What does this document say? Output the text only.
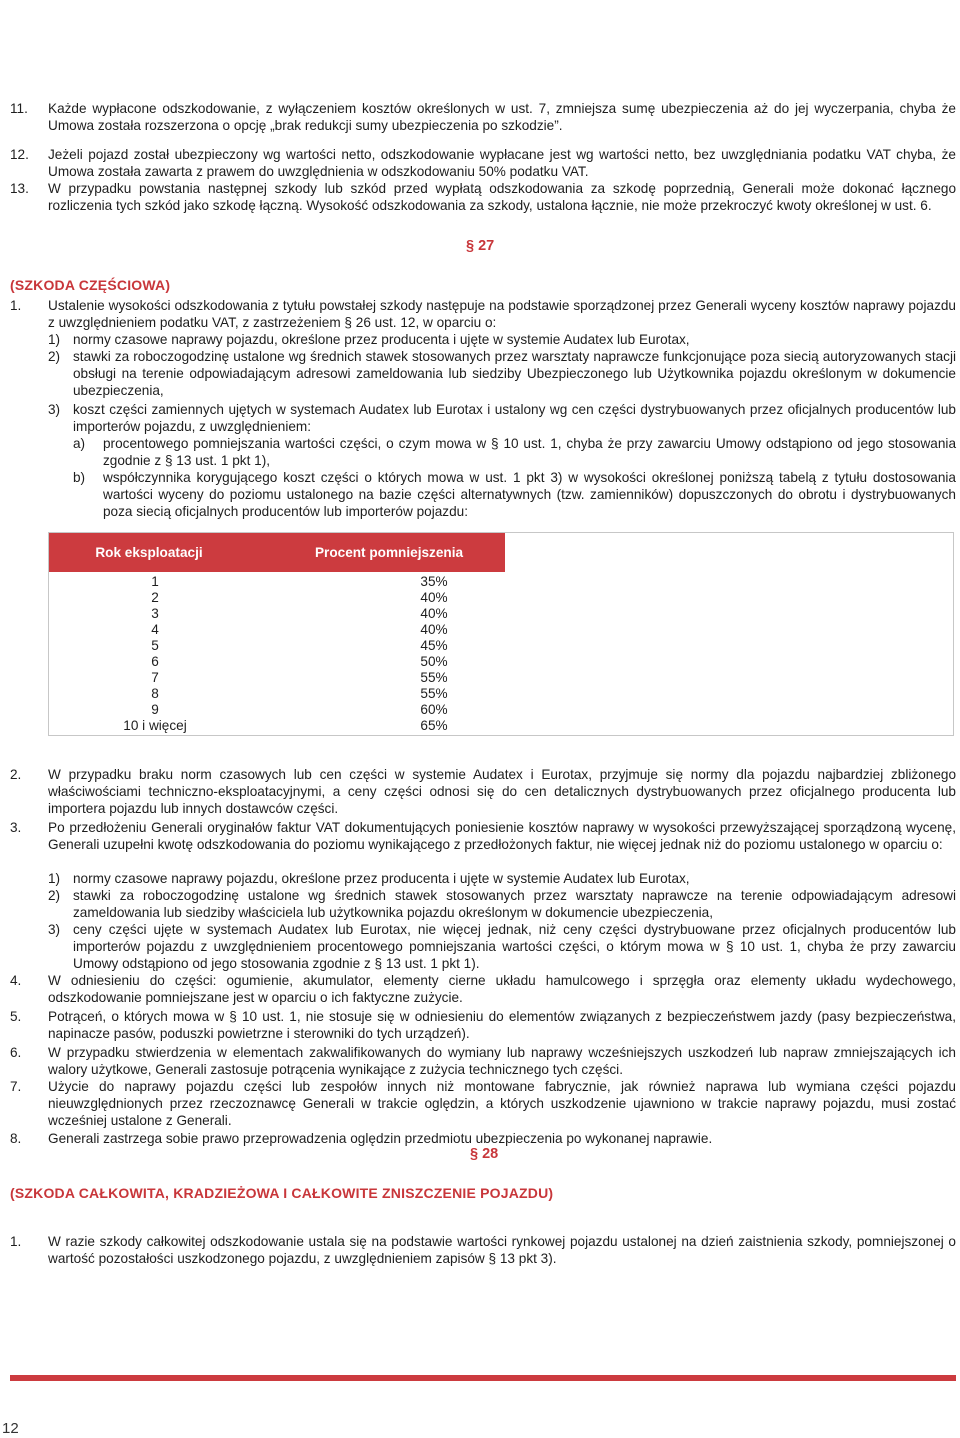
11. Każde wypłacone odszkodowanie, z wyłączeniem kosztów określonych w ust. 7, zmniejsza sumę ubezpieczenia aż do jej wyczerpania, chyba że Umowa została rozszerzona o opcję „brak redukcji sumy ubezpieczenia po szkodzie”.
12. Jeżeli pojazd został ubezpieczony wg wartości netto, odszkodowanie wypłacane jest wg wartości netto, bez uwzględniania podatku VAT chyba, że Umowa została zawarta z prawem do uwzględnienia w odszkodowaniu 50% podatku VAT.
13. W przypadku powstania następnej szkody lub szkód przed wypłatą odszkodowania za szkodę poprzednią, Generali może dokonać łącznego rozliczenia tych szkód jako szkodę łączną. Wysokość odszkodowania za szkody, ustalona łącznie, nie może przekroczyć kwoty określonej w ust. 6.
§ 27
(SZKODA CZĘŚCIOWA)
1. Ustalenie wysokości odszkodowania z tytułu powstałej szkody następuje na podstawie sporządzonej przez Generali wyceny kosztów naprawy pojazdu z uwzględnieniem podatku VAT, z zastrzeżeniem § 26 ust. 12, w oparciu o:
1) normy czasowe naprawy pojazdu, określone przez producenta i ujęte w systemie Audatex lub Eurotax,
2) stawki za roboczogodzinę ustalone wg średnich stawek stosowanych przez warsztaty naprawcze funkcjonujące poza siecią autoryzowanych stacji obsługi na terenie odpowiadającym adresowi zameldowania lub siedziby Ubezpieczonego lub Użytkownika pojazdu określonym w dokumencie ubezpieczenia,
3) koszt części zamiennych ujętych w systemach Audatex lub Eurotax i ustalony wg cen części dystrybuowanych przez oficjalnych producentów lub importerów pojazdu, z uwzględnieniem:
a) procentowego pomniejszania wartości części, o czym mowa w § 10 ust. 1, chyba że przy zawarciu Umowy odstąpiono od jego stosowania zgodnie z § 13 ust. 1 pkt 1),
b) współczynnika korygującego koszt części o których mowa w ust. 1 pkt 3) w wysokości określonej poniższą tabelą z tytułu dostosowania wartości wyceny do poziomu ustalonego na bazie części alternatywnych (tzw. zamienników) dopuszczonych do obrotu i dystrybuowanych poza siecią oficjalnych producentów lub importerów pojazdu:
Rok eksploatacji	Procent pomniejszenia
1	35%
2	40%
3	40%
4	40%
5	45%
6	50%
7	55%
8	55%
9	60%
10 i więcej	65%
2. W przypadku braku norm czasowych lub cen części w systemie Audatex i Eurotax, przyjmuje się normy dla pojazdu najbardziej zbliżonego właściwościami techniczno-eksploatacyjnymi, a ceny części odnosi się do cen detalicznych dystrybuowanych przez oficjalnego producenta lub importera pojazdu lub innych dostawców części.
3. Po przedłożeniu Generali oryginałów faktur VAT dokumentujących poniesienie kosztów naprawy w wysokości przewyższającej sporządzoną wycenę, Generali uzupełni kwotę odszkodowania do poziomu wynikającego z przedłożonych faktur, nie więcej jednak niż do poziomu ustalonego w oparciu o:
1) normy czasowe naprawy pojazdu, określone przez producenta i ujęte w systemie Audatex lub Eurotax,
2) stawki za roboczogodzinę ustalone wg średnich stawek stosowanych przez warsztaty naprawcze na terenie odpowiadającym adresowi zameldowania lub siedziby właściciela lub użytkownika pojazdu określonym w dokumencie ubezpieczenia,
3) ceny części ujęte w systemach Audatex lub Eurotax, nie więcej jednak, niż ceny części dystrybuowane przez oficjalnych producentów lub importerów pojazdu z uwzględnieniem procentowego pomniejszania wartości części, o którym mowa w § 10 ust. 1, chyba że przy zawarciu Umowy odstąpiono od jego stosowania zgodnie z § 13 ust. 1 pkt 1).
4. W odniesieniu do części: ogumienie, akumulator, elementy cierne układu hamulcowego i sprzęgła oraz elementy układu wydechowego, odszkodowanie pomniejszane jest w oparciu o ich faktyczne zużycie.
5. Potrąceń, o których mowa w § 10 ust. 1, nie stosuje się w odniesieniu do elementów związanych z bezpieczeństwem jazdy (pasy bezpieczeństwa, napinacze pasów, poduszki powietrzne i sterowniki do tych urządzeń).
6. W przypadku stwierdzenia w elementach zakwalifikowanych do wymiany lub naprawy wcześniejszych uszkodzeń lub napraw zmniejszających ich walory użytkowe, Generali zastosuje potrącenia wynikające z zużycia technicznego tych części.
7. Użycie do naprawy pojazdu części lub zespołów innych niż montowane fabrycznie, jak również naprawa lub wymiana części pojazdu nieuwzględnionych przez rzeczoznawcę Generali w trakcie oględzin, a których uszkodzenie ujawniono w trakcie naprawy pojazdu, musi zostać wcześniej ustalone z Generali.
8. Generali zastrzega sobie prawo przeprowadzenia oględzin przedmiotu ubezpieczenia po wykonanej naprawie.
§ 28
(SZKODA CAŁKOWITA, KRADZIEŻOWA I CAŁKOWITE ZNISZCZENIE POJAZDU)
1. W razie szkody całkowitej odszkodowanie ustala się na podstawie wartości rynkowej pojazdu ustalonej na dzień zaistnienia szkody, pomniejszonej o wartość pozostałości uszkodzonego pojazdu, z uwzględnieniem zapisów § 13 pkt 3).
12
